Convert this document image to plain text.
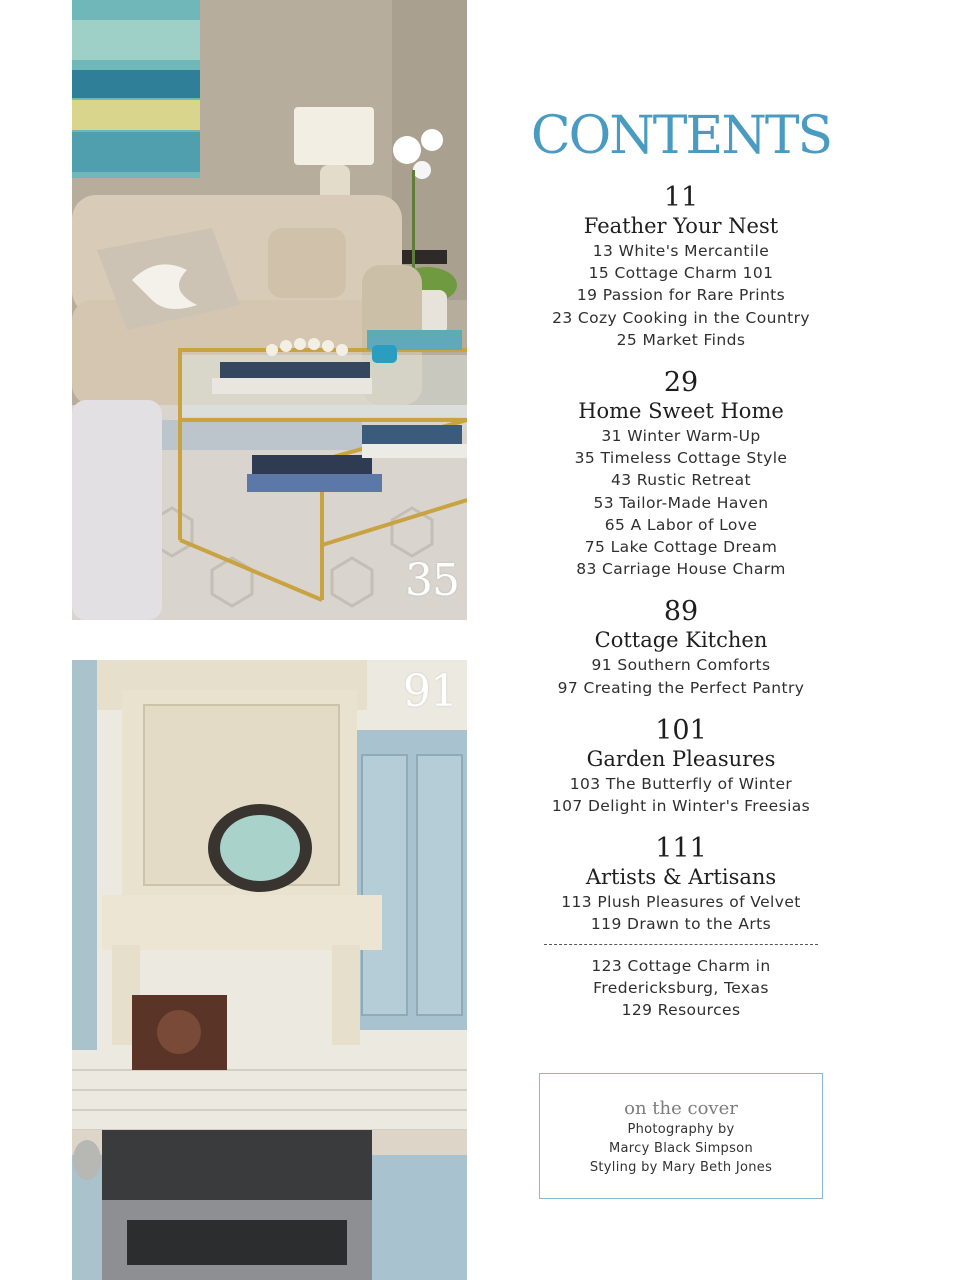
35
91
CONTENTS
11
Feather Your Nest
13 White's Mercantile
15 Cottage Charm 101
19 Passion for Rare Prints
23 Cozy Cooking in the Country
25 Market Finds
29
Home Sweet Home
31 Winter Warm-Up
35 Timeless Cottage Style
43 Rustic Retreat
53 Tailor-Made Haven
65 A Labor of Love
75 Lake Cottage Dream
83 Carriage House Charm
89
Cottage Kitchen
91 Southern Comforts
97 Creating the Perfect Pantry
101
Garden Pleasures
103 The Butterfly of Winter
107 Delight in Winter's Freesias
111
Artists & Artisans
113 Plush Pleasures of Velvet
119 Drawn to the Arts
123 Cottage Charm in
Fredericksburg, Texas
129 Resources
on the cover
Photography by
Marcy Black Simpson
Styling by Mary Beth Jones
